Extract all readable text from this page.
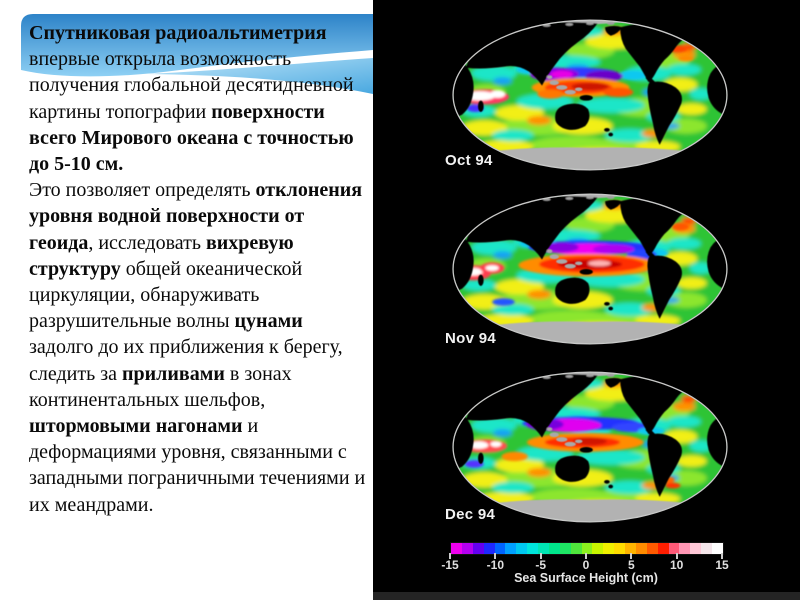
Спутниковая радиоальтиметрия впервые открыла возможность получения глобальной десятидневной картины топографии поверхности всего Мирового океана с точностью до 5-10 см.

Это позволяет определять отклонения уровня водной поверхности от геоида, исследовать вихревую структуру общей океанической циркуляции, обнаруживать разрушительные волны цунами задолго до их приближения к берегу, следить за приливами в зонах континентальных шельфов, штормовыми нагонами и деформациями уровня, связанными с западными пограничными течениями и их меандрами.

Oct 94
Nov 94
Dec 94
-15 -10	-5	0	5	10	15
Sea Surface Height (cm)
